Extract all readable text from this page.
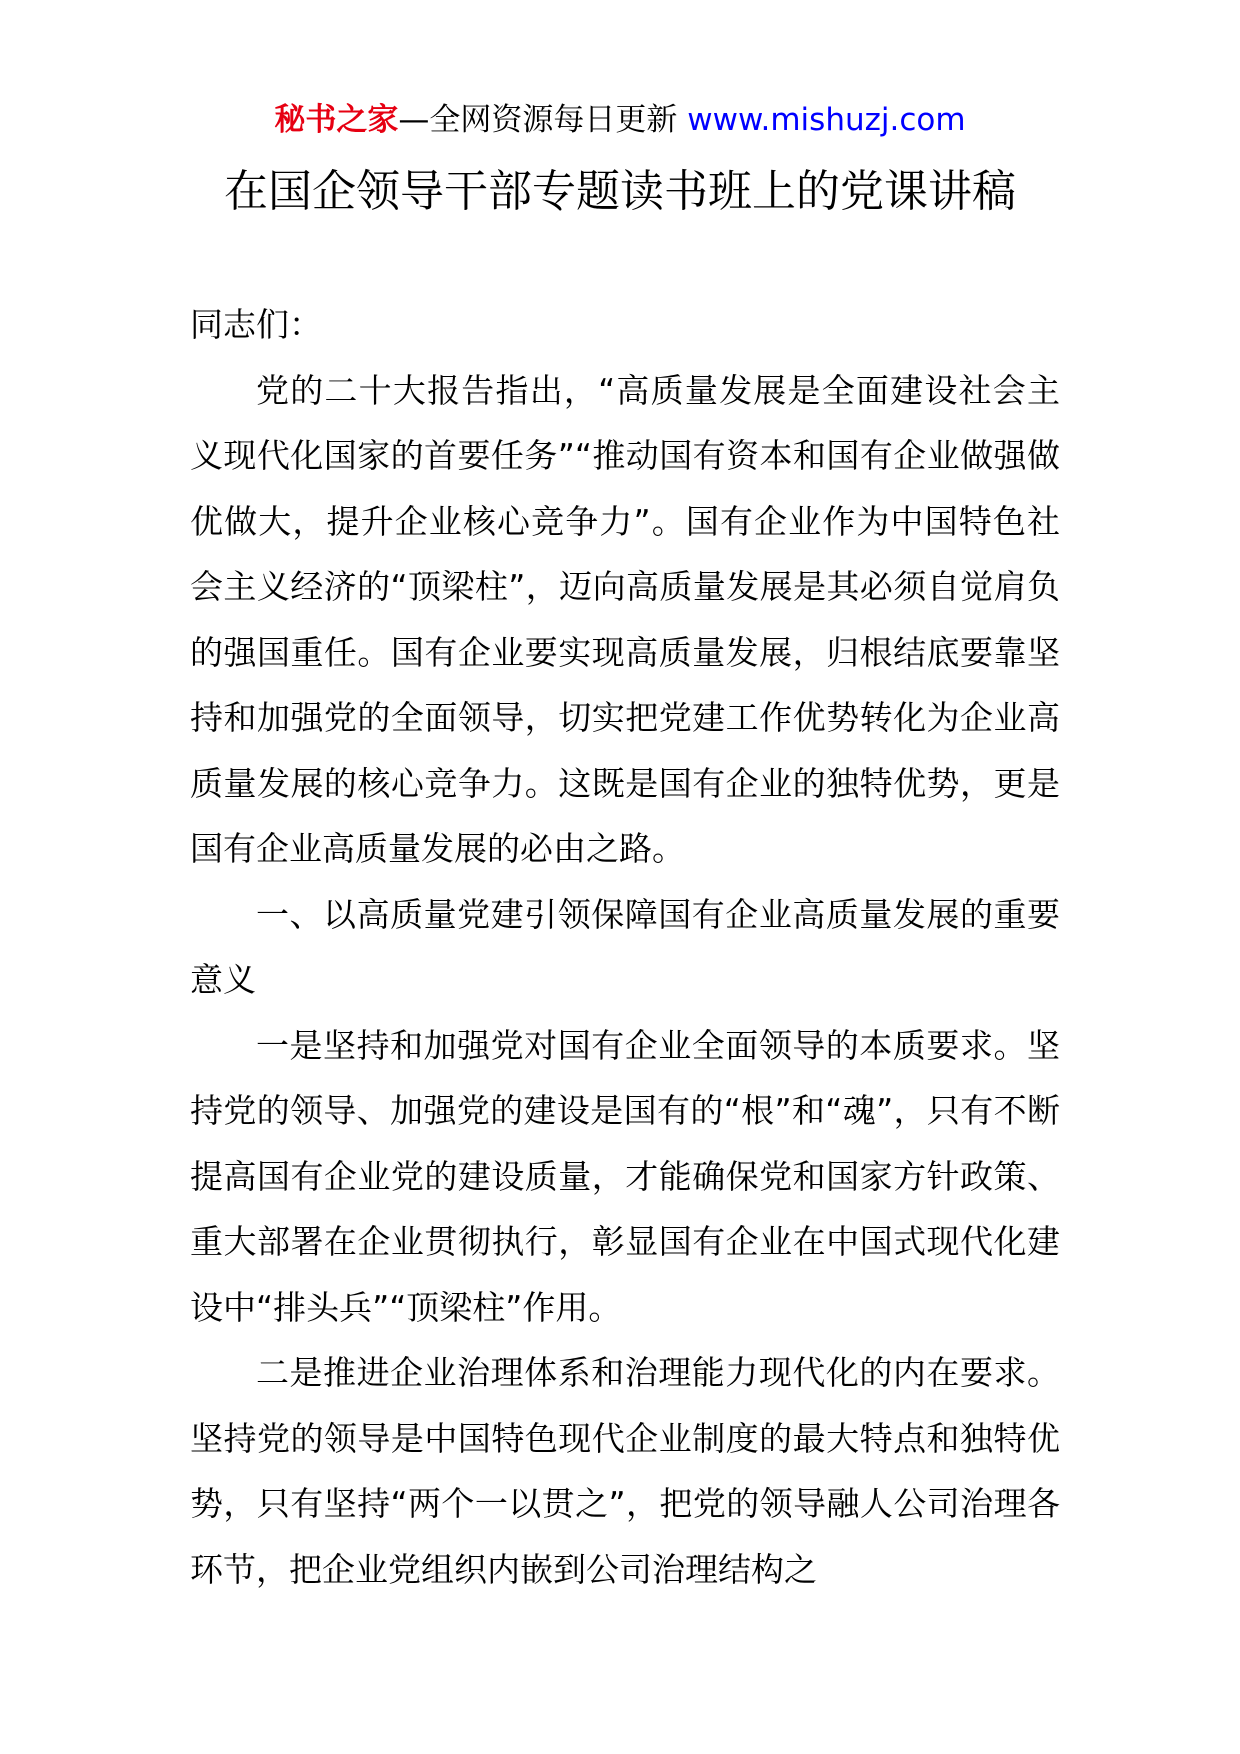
秘书之家—全网资源每日更新 www.mishuzj.com
在国企领导干部专题读书班上的党课讲稿

同志们：

党的二十大报告指出，“高质量发展是全面建设社会主义现代化国家的首要任务”“推动国有资本和国有企业做强做优做大，提升企业核心竞争力”。国有企业作为中国特色社会主义经济的“顶梁柱”，迈向高质量发展是其必须自觉肩负的强国重任。国有企业要实现高质量发展，归根结底要靠坚持和加强党的全面领导，切实把党建工作优势转化为企业高质量发展的核心竞争力。这既是国有企业的独特优势，更是国有企业高质量发展的必由之路。

一、以高质量党建引领保障国有企业高质量发展的重要意义

一是坚持和加强党对国有企业全面领导的本质要求。坚持党的领导、加强党的建设是国有的“根”和“魂”，只有不断提高国有企业党的建设质量，才能确保党和国家方针政策、重大部署在企业贯彻执行，彰显国有企业在中国式现代化建设中“排头兵”“顶梁柱”作用。

二是推进企业治理体系和治理能力现代化的内在要求。坚持党的领导是中国特色现代企业制度的最大特点和独特优势，只有坚持“两个一以贯之”，把党的领导融人公司治理各环节，把企业党组织内嵌到公司治理结构之
